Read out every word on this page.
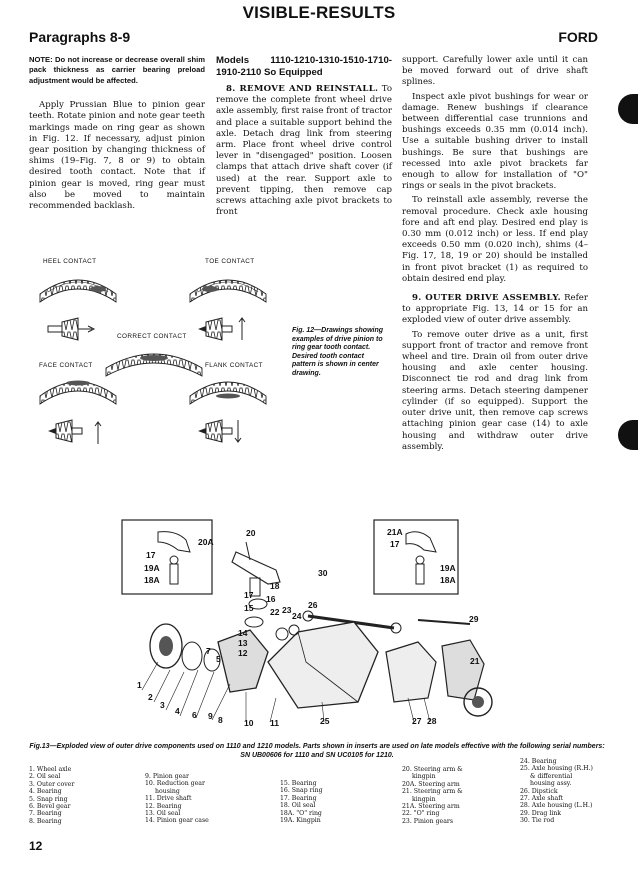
VISIBLE-RESULTS
Paragraphs 8-9	FORD
NOTE: Do not increase or decrease overall shim pack thickness as carrier bearing preload adjustment would be affected.

Apply Prussian Blue to pinion gear teeth. Rotate pinion and note gear teeth markings made on ring gear as shown in Fig. 12. If necessary, adjust pinion gear position by changing thickness of shims (19–Fig. 7, 8 or 9) to obtain desired tooth contact. Note that if pinion gear is moved, ring gear must also be moved to maintain recommended backlash.

Models 1110-1210-1310-1510-1710-1910-2110 So Equipped

8. REMOVE AND REINSTALL. To remove the complete front wheel drive axle assembly, first raise front of tractor and place a suitable support behind the axle. Detach drag link from steering arm. Place front wheel drive control lever in "disengaged" position. Loosen clamps that attach drive shaft cover (if used) at the rear. Support axle to prevent tipping, then remove cap screws attaching axle pivot brackets to front

support. Carefully lower axle until it can be moved forward out of drive shaft splines.

Inspect axle pivot bushings for wear or damage. Renew bushings if clearance between differential case trunnions and bushings exceeds 0.35 mm (0.014 inch). Use a suitable bushing driver to install bushings. Be sure that bushings are recessed into axle pivot brackets far enough to allow for installation of "O" rings or seals in the pivot brackets.

To reinstall axle assembly, reverse the removal procedure. Check axle housing fore and aft end play. Desired end play is 0.30 mm (0.012 inch) or less. If end play exceeds 0.50 mm (0.020 inch), shims (4–Fig. 17, 18, 19 or 20) should be installed in front pivot bracket (1) as required to obtain desired end play.

9. OUTER DRIVE ASSEMBLY. Refer to appropriate Fig. 13, 14 or 15 for an exploded view of outer drive assembly.

To remove outer drive as a unit, first support front of tractor and remove front wheel and tire. Drain oil from outer drive housing and axle center housing. Disconnect tie rod and drag link from steering arms. Detach steering dampener cylinder (if so equipped). Support the outer drive unit, then remove cap screws attaching pinion gear case (14) to axle housing and withdraw outer drive assembly.

HEEL CONTACT	TOE CONTACT
CORRECT CONTACT
FACE CONTACT	FLANK CONTACT
Fig. 12—Drawings showing examples of drive pinion to ring gear tooth contact. Desired tooth contact pattern is shown in center drawing.
20
20A
17
19A
18A
21A
17
19A
18A
30
18
17 16
15 22 23
24
26
14
13
12
29
21
5
7
1
2
3
4 6 9 8	10 11	25	27 28
Fig.13—Exploded view of outer drive components used on 1110 and 1210 models. Parts shown in inserts are used on late models effective with the following serial numbers: SN UB00606 for 1110 and SN UC0105 for 1210.
1. Wheel axle
2. Oil seal
3. Outer cover
4. Bearing
5. Snap ring
6. Bevel gear
7. Bearing
8. Bearing
9. Pinion gear
10. Reduction gear
housing
11. Drive shaft
12. Bearing
13. Oil seal
14. Pinion gear case
15. Bearing
16. Snap ring
17. Bearing
18. Oil seal
18A. "O" ring
19A. Kingpin
20. Steering arm &
kingpin
20A. Steering arm
21. Steering arm &
kingpin
21A. Steering arm
22. "O" ring
23. Pinion gears
24. Bearing
25. Axle housing (R.H.)
& differential
housing assy.
26. Dipstick
27. Axle shaft
28. Axle housing (L.H.)
29. Drag link
30. Tie rod
12
